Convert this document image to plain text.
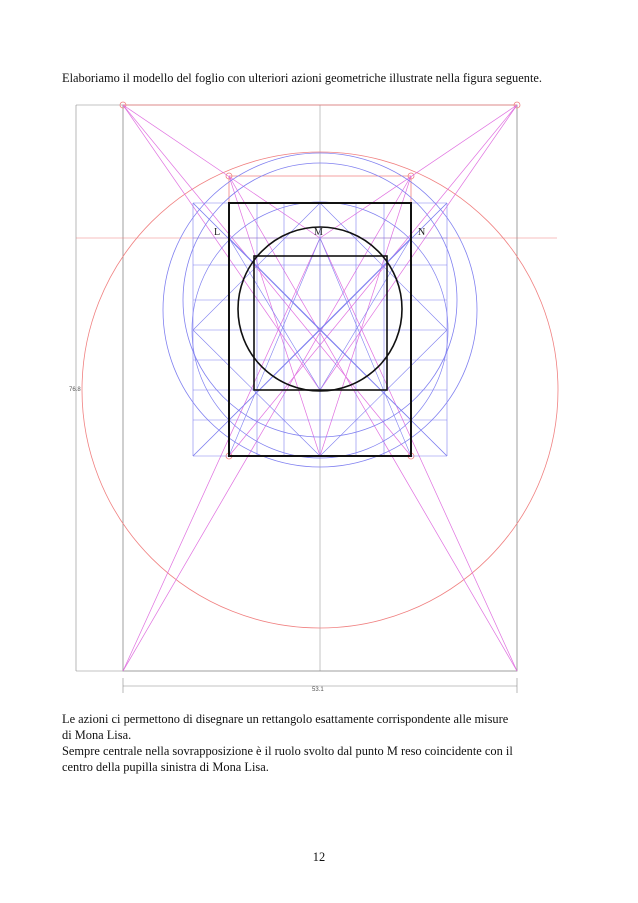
Elaboriamo il modello del foglio con ulteriori azioni geometriche illustrate nella figura seguente.
L	M	N
76.8
53.1
Le azioni ci permettono di disegnare un rettangolo esattamente corrispondente alle misure
di Mona Lisa.
Sempre centrale nella sovrapposizione è il ruolo svolto dal punto M reso coincidente con il
centro della pupilla sinistra di Mona Lisa.
12
